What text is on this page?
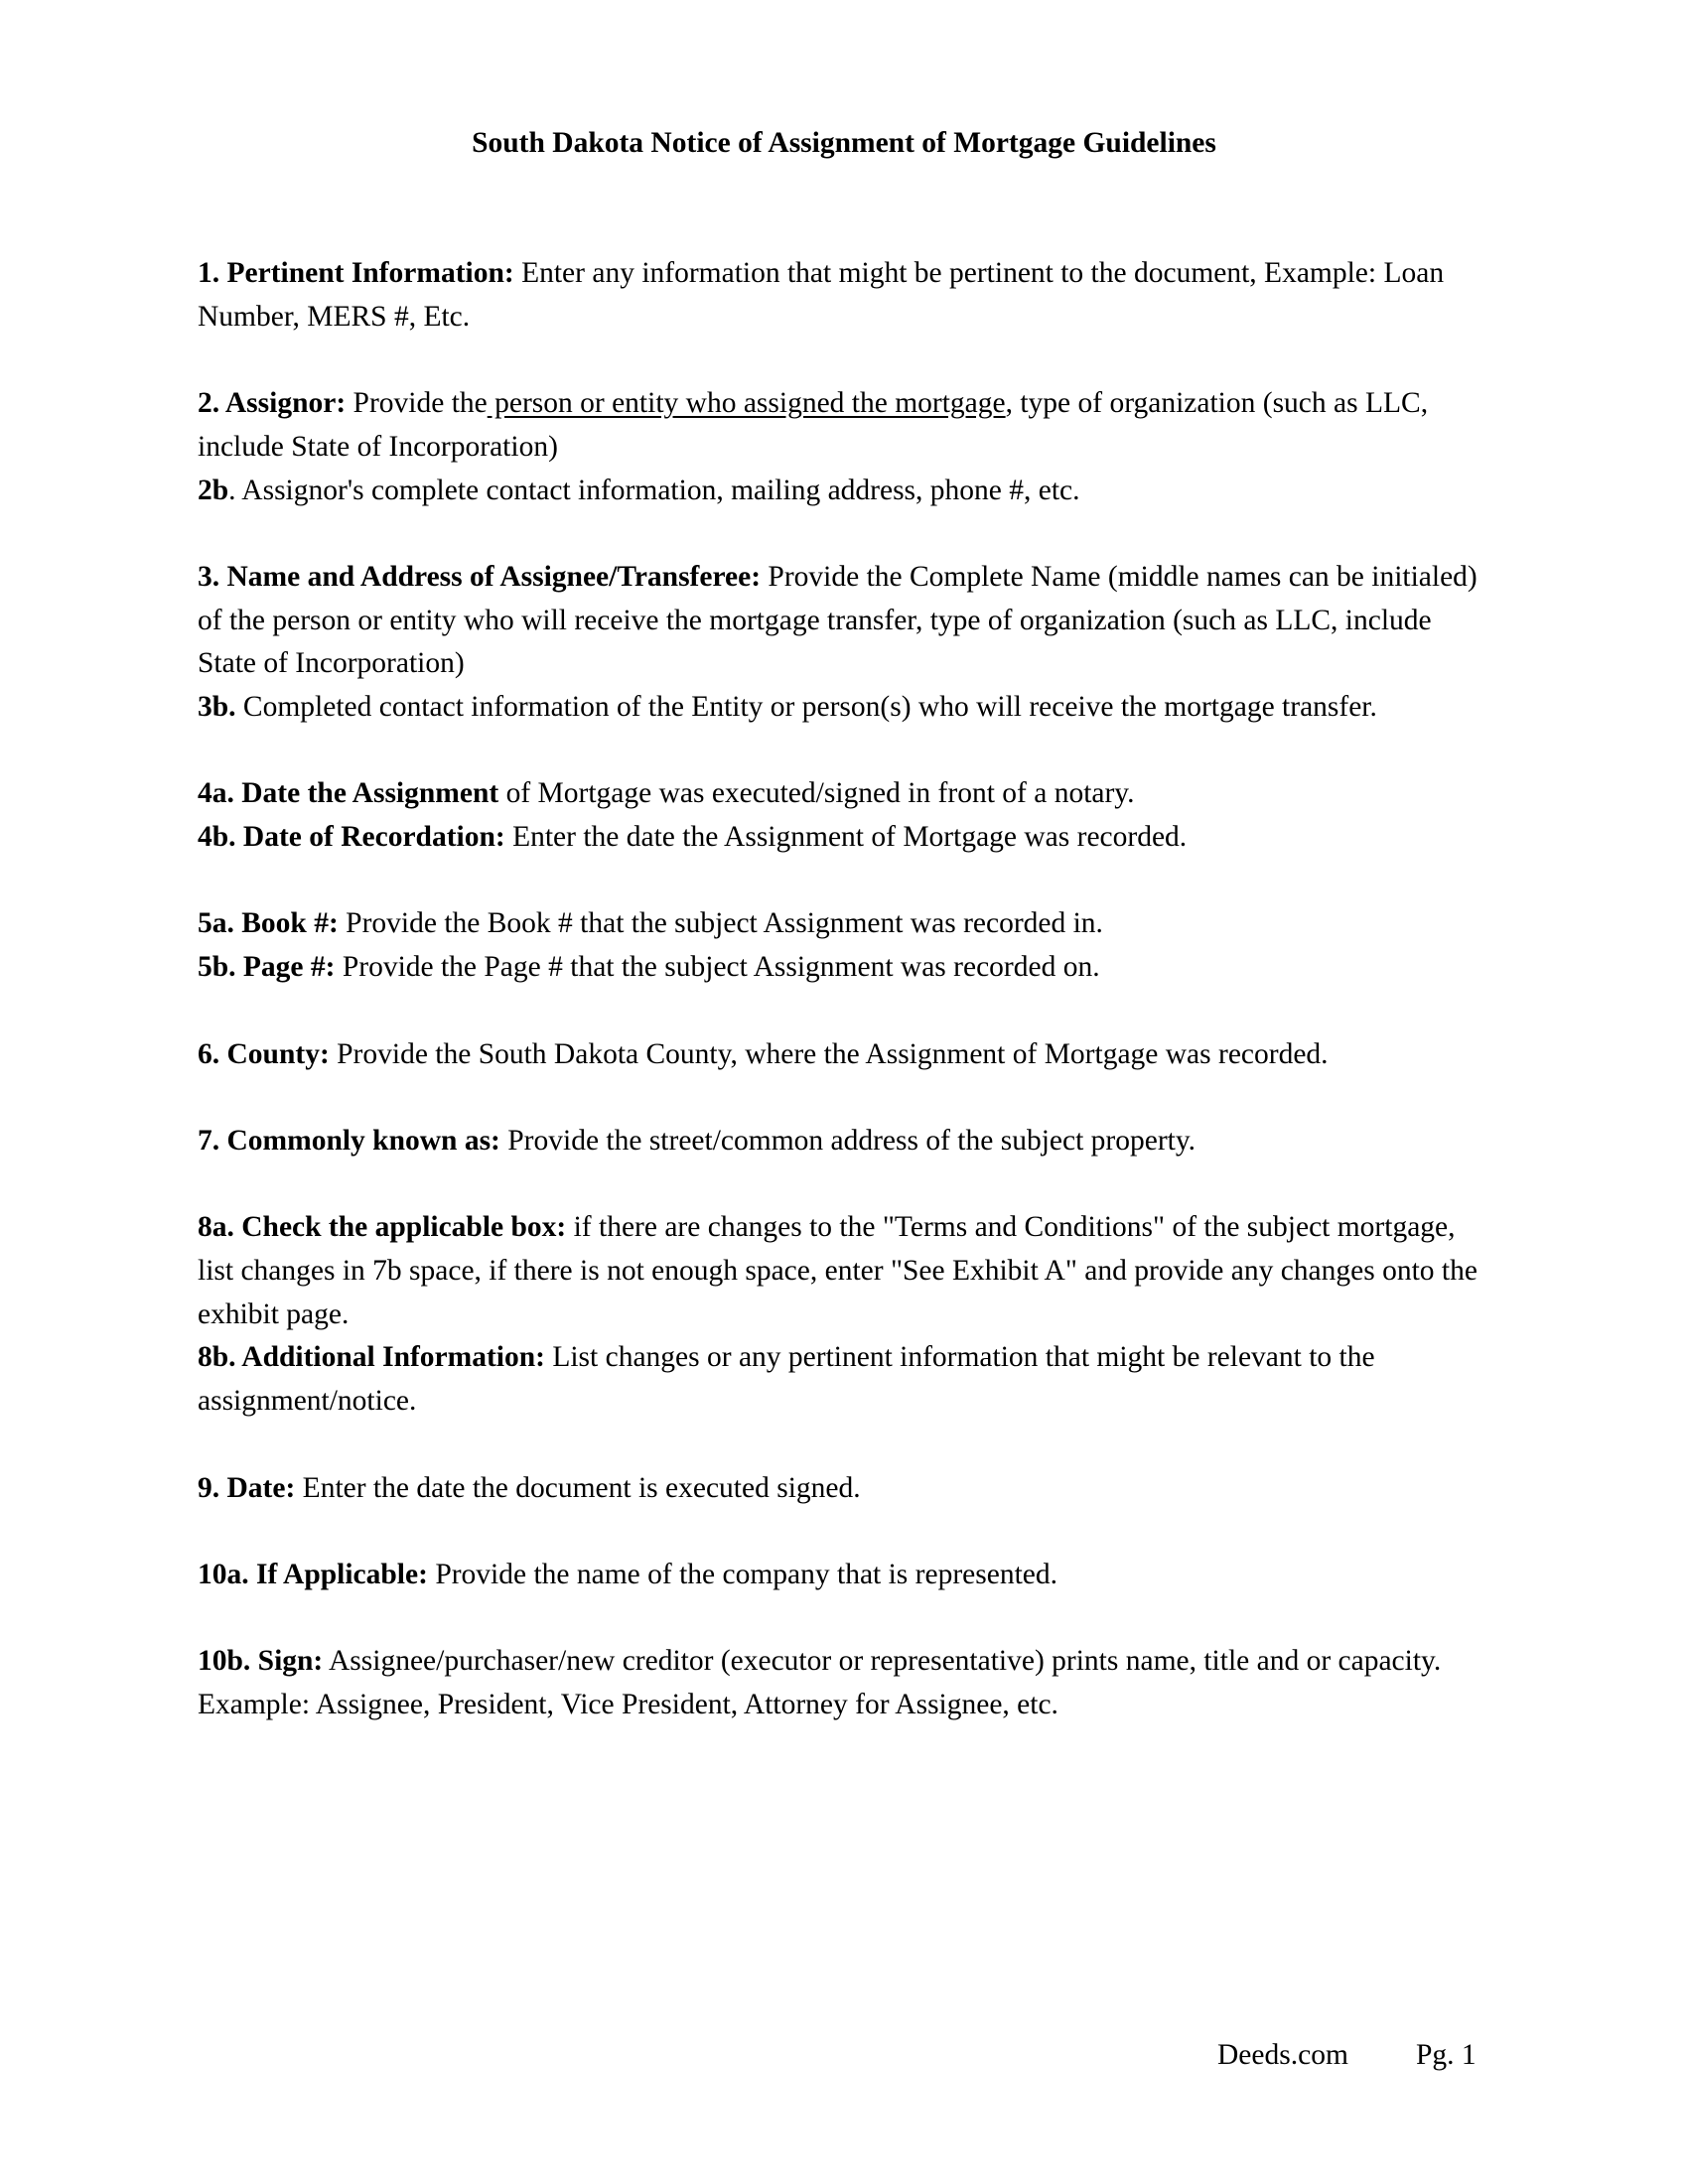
South Dakota Notice of Assignment of Mortgage Guidelines

1. Pertinent Information: Enter any information that might be pertinent to the document, Example: Loan Number, MERS #, Etc.

2. Assignor: Provide the person or entity who assigned the mortgage, type of organization (such as LLC, include State of Incorporation)

2b. Assignor's complete contact information, mailing address, phone #, etc.

3. Name and Address of Assignee/Transferee: Provide the Complete Name (middle names can be initialed) of the person or entity who will receive the mortgage transfer, type of organization (such as LLC, include State of Incorporation)

3b. Completed contact information of the Entity or person(s) who will receive the mortgage transfer.

4a. Date the Assignment of Mortgage was executed/signed in front of a notary.

4b. Date of Recordation: Enter the date the Assignment of Mortgage was recorded.

5a. Book #: Provide the Book # that the subject Assignment was recorded in.

5b. Page #: Provide the Page # that the subject Assignment was recorded on.

6. County: Provide the South Dakota County, where the Assignment of Mortgage was recorded.

7. Commonly known as: Provide the street/common address of the subject property.

8a. Check the applicable box: if there are changes to the "Terms and Conditions" of the subject mortgage, list changes in 7b space, if there is not enough space, enter "See Exhibit A" and provide any changes onto the exhibit page.

8b. Additional Information: List changes or any pertinent information that might be relevant to the assignment/notice.

9. Date: Enter the date the document is executed signed.

10a. If Applicable: Provide the name of the company that is represented.

10b. Sign: Assignee/purchaser/new creditor (executor or representative) prints name, title and or capacity. Example: Assignee, President, Vice President, Attorney for Assignee, etc.

Deeds.com Pg. 1
